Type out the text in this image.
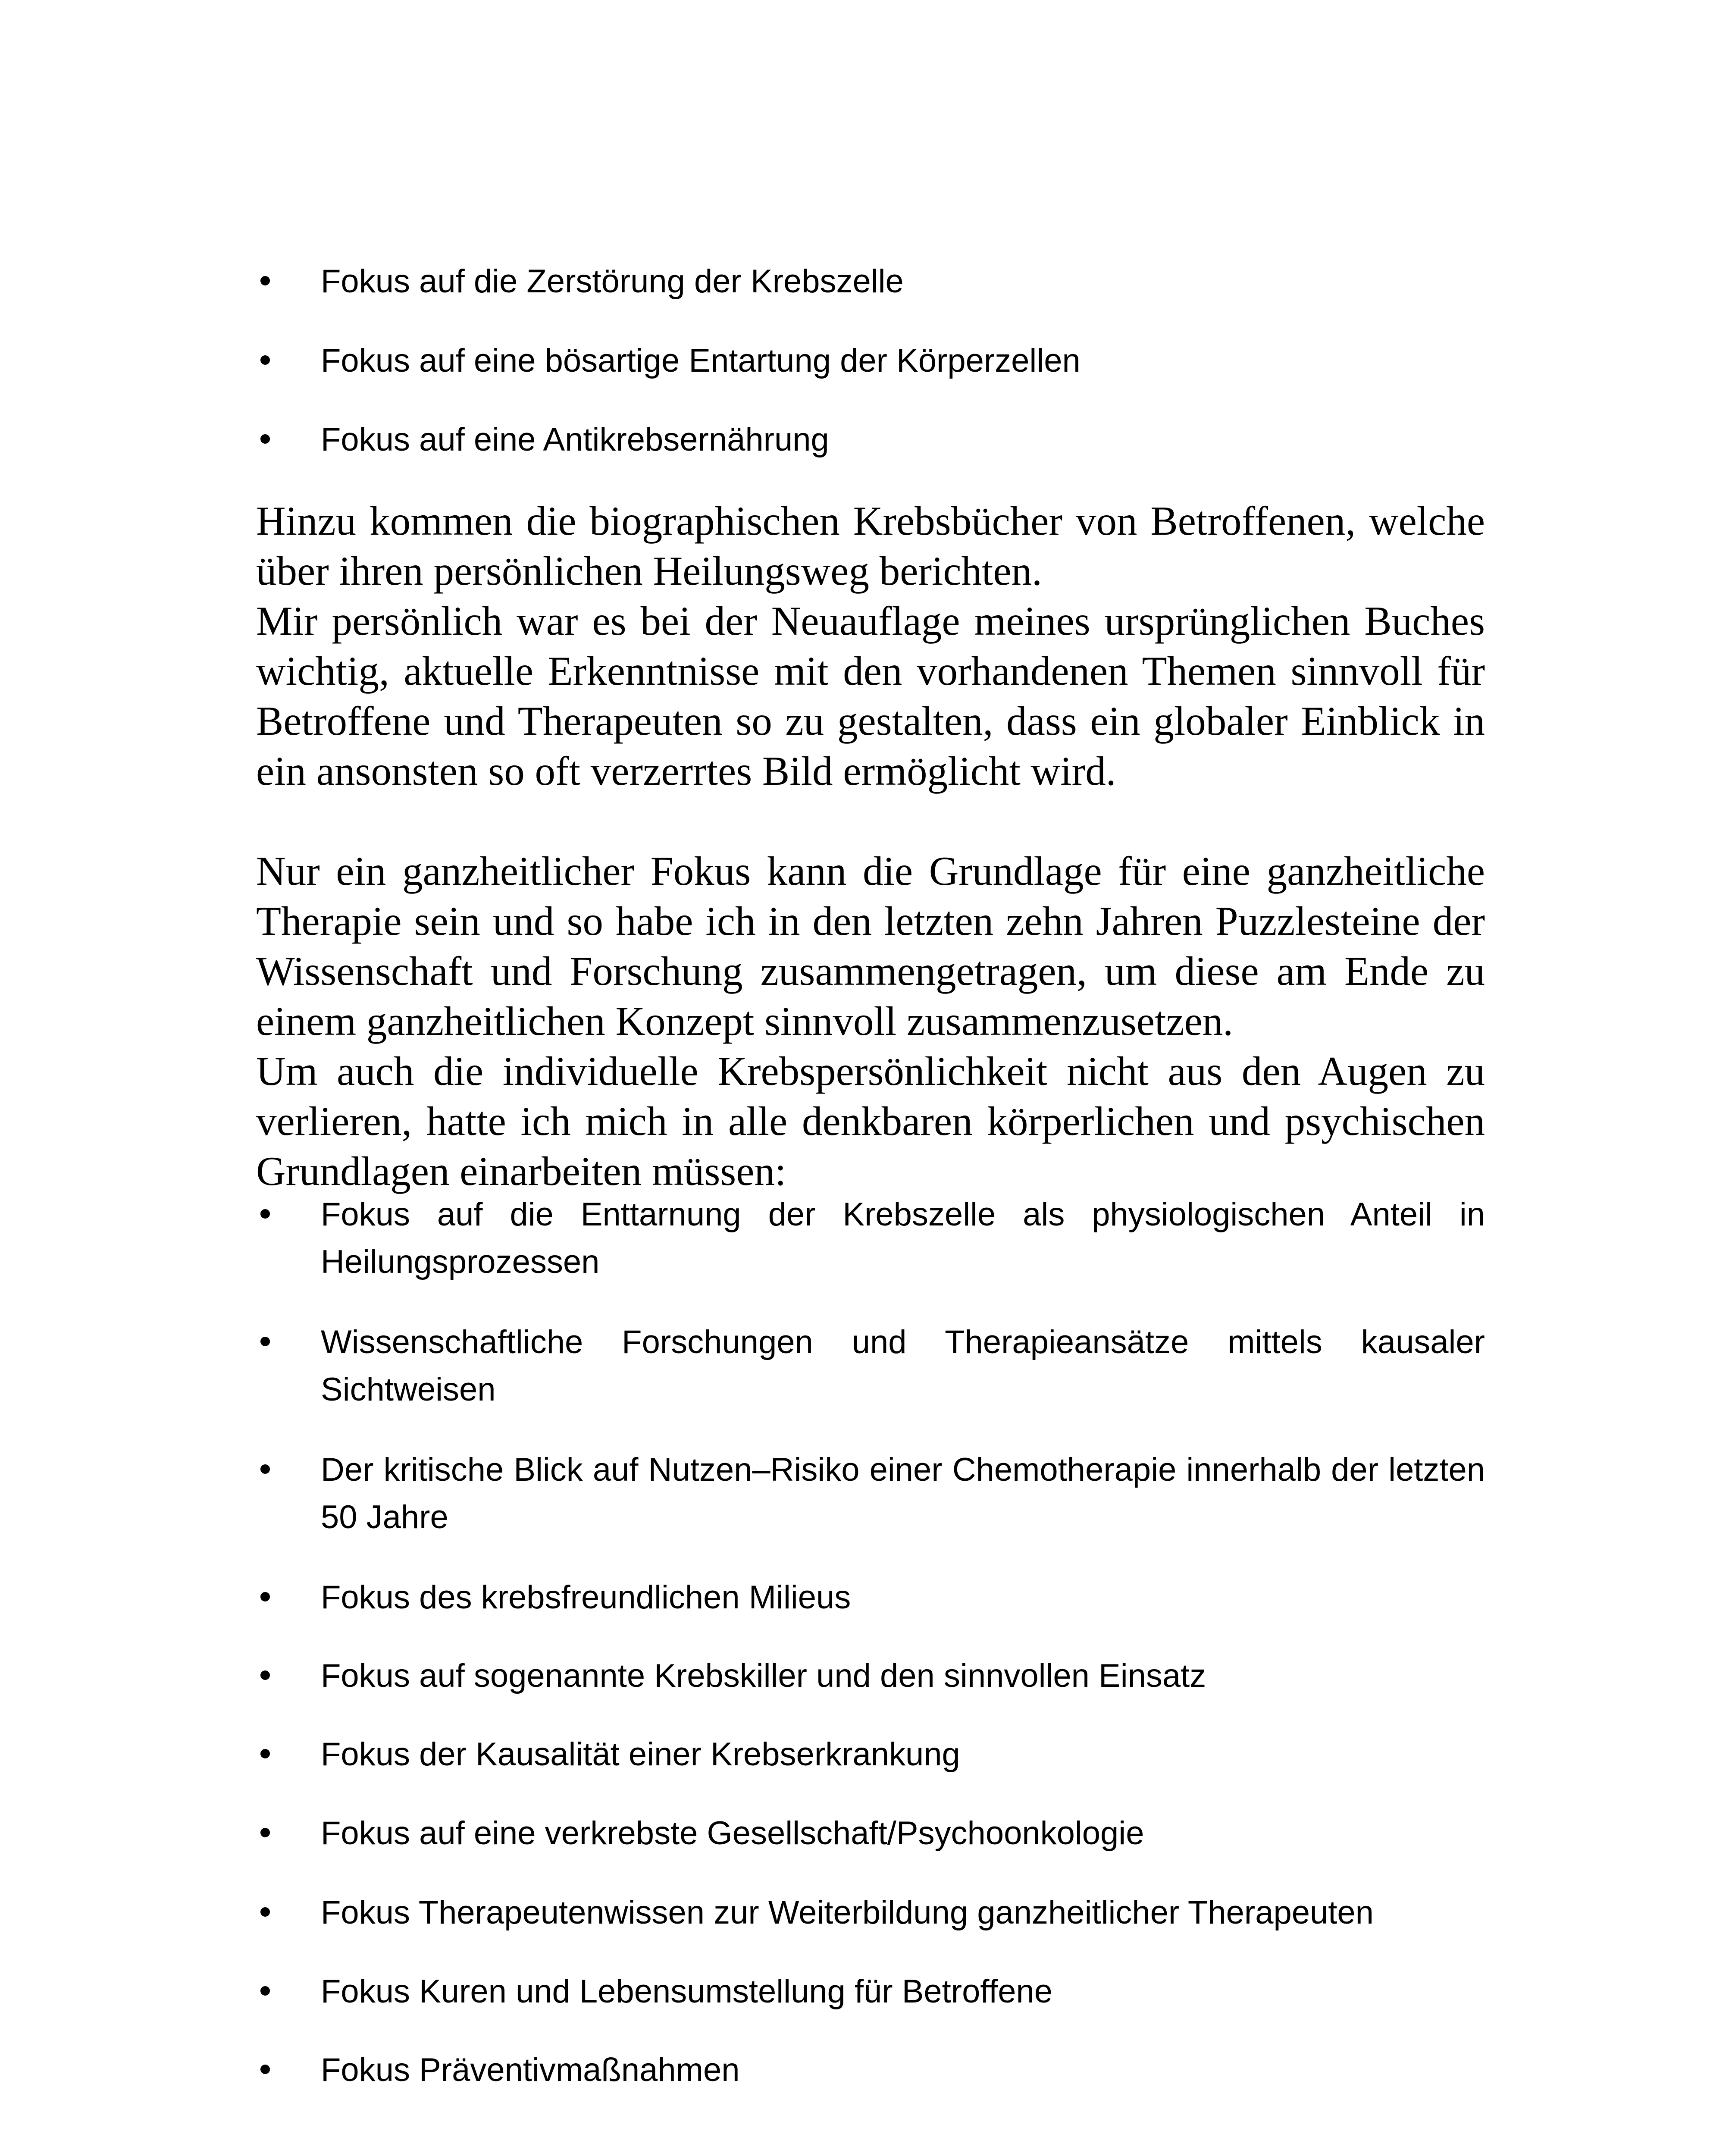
Fokus auf die Zerstörung der Krebszelle
Fokus auf eine bösartige Entartung der Körperzellen
Fokus auf eine Antikrebsernährung

Hinzu kommen die biographischen Krebsbücher von Betroffenen, welche über ihren persönlichen Heilungsweg berichten.

Mir persönlich war es bei der Neuauflage meines ursprünglichen Buches wichtig, aktuelle Erkenntnisse mit den vorhandenen Themen sinnvoll für Betroffene und Therapeuten so zu gestalten, dass ein globaler Einblick in ein ansonsten so oft verzerrtes Bild ermöglicht wird.

Nur ein ganzheitlicher Fokus kann die Grundlage für eine ganzheitliche Therapie sein und so habe ich in den letzten zehn Jahren Puzzlesteine der Wissenschaft und Forschung zusammengetragen, um diese am Ende zu einem ganzheitlichen Konzept sinnvoll zusammenzusetzen.

Um auch die individuelle Krebspersönlichkeit nicht aus den Augen zu verlieren, hatte ich mich in alle denkbaren körperlichen und psychischen Grundlagen einarbeiten müssen:

Fokus auf die Enttarnung der Krebszelle als physiologischen Anteil in Heilungsprozessen
Wissenschaftliche Forschungen und Therapieansätze mittels kausaler Sichtweisen
Der kritische Blick auf Nutzen–Risiko einer Chemotherapie innerhalb der letzten 50 Jahre
Fokus des krebsfreundlichen Milieus
Fokus auf sogenannte Krebskiller und den sinnvollen Einsatz
Fokus der Kausalität einer Krebserkrankung
Fokus auf eine verkrebste Gesellschaft/Psychoonkologie
Fokus Therapeutenwissen zur Weiterbildung ganzheitlicher Therapeuten
Fokus Kuren und Lebensumstellung für Betroffene
Fokus Präventivmaßnahmen
